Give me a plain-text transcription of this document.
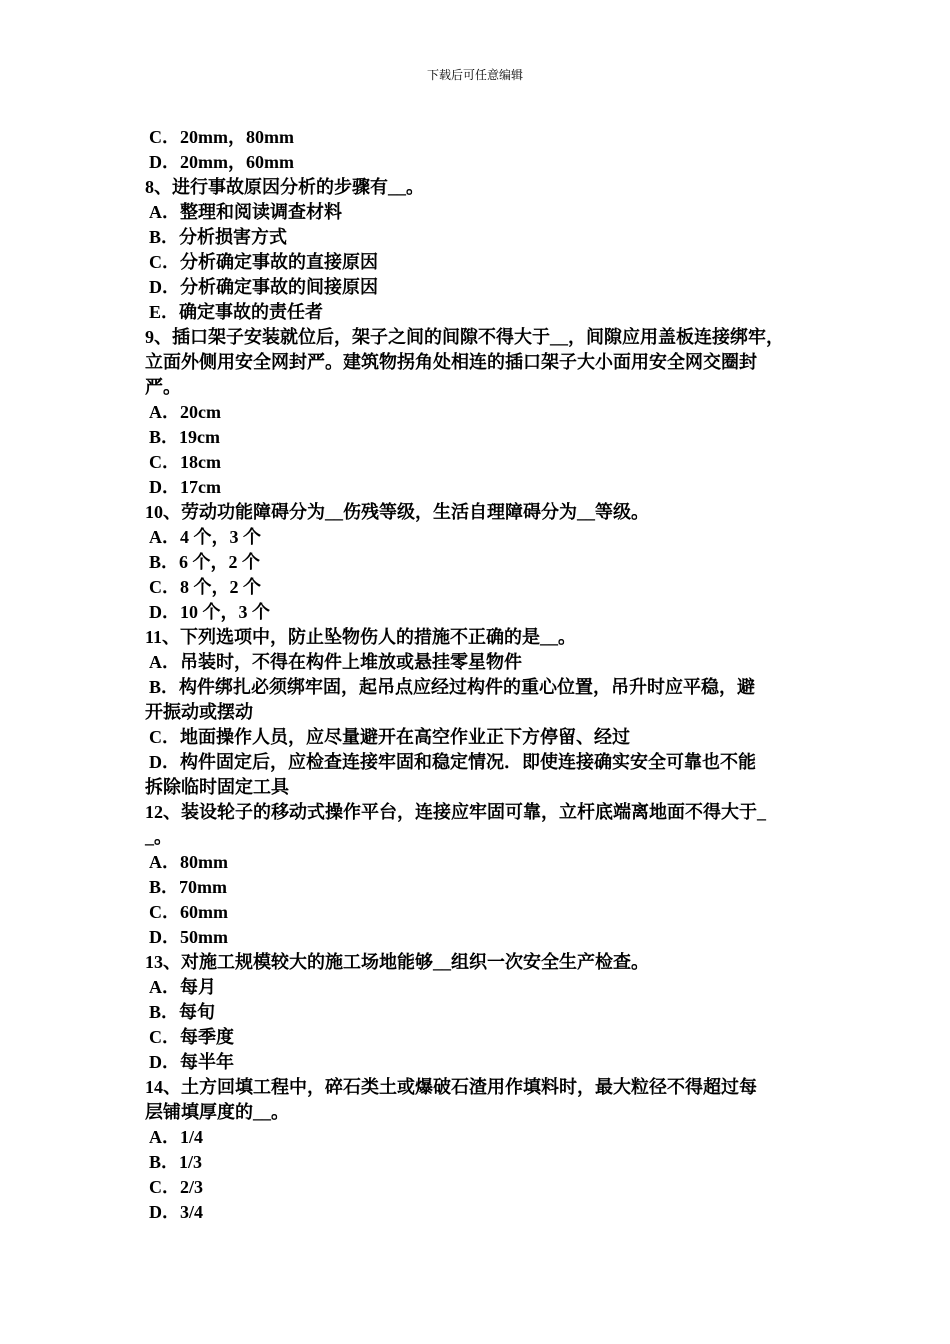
下载后可任意编辑
C．20mm，80mm
D．20mm，60mm
8、进行事故原因分析的步骤有__。
A．整理和阅读调查材料
B．分析损害方式
C．分析确定事故的直接原因
D．分析确定事故的间接原因
E．确定事故的责任者
9、插口架子安装就位后，架子之间的间隙不得大于__，间隙应用盖板连接绑牢，
立面外侧用安全网封严。建筑物拐角处相连的插口架子大小面用安全网交圈封
严。
A．20cm
B．19cm
C．18cm
D．17cm
10、劳动功能障碍分为__伤残等级，生活自理障碍分为__等级。
A．4 个，3 个
B．6 个，2 个
C．8 个，2 个
D．10 个，3 个
11、下列选项中，防止坠物伤人的措施不正确的是__。
A．吊装时，不得在构件上堆放或悬挂零星物件
B．构件绑扎必须绑牢固，起吊点应经过构件的重心位置，吊升时应平稳，避
开振动或摆动
C．地面操作人员，应尽量避开在高空作业正下方停留、经过
D．构件固定后，应检查连接牢固和稳定情况．即使连接确实安全可靠也不能
拆除临时固定工具
12、装设轮子的移动式操作平台，连接应牢固可靠，立杆底端离地面不得大于_
_。
A．80mm
B．70mm
C．60mm
D．50mm
13、对施工规模较大的施工场地能够__组织一次安全生产检查。
A．每月
B．每旬
C．每季度
D．每半年
14、土方回填工程中，碎石类土或爆破石渣用作填料时，最大粒径不得超过每
层铺填厚度的__。
A．1/4
B．1/3
C．2/3
D．3/4
